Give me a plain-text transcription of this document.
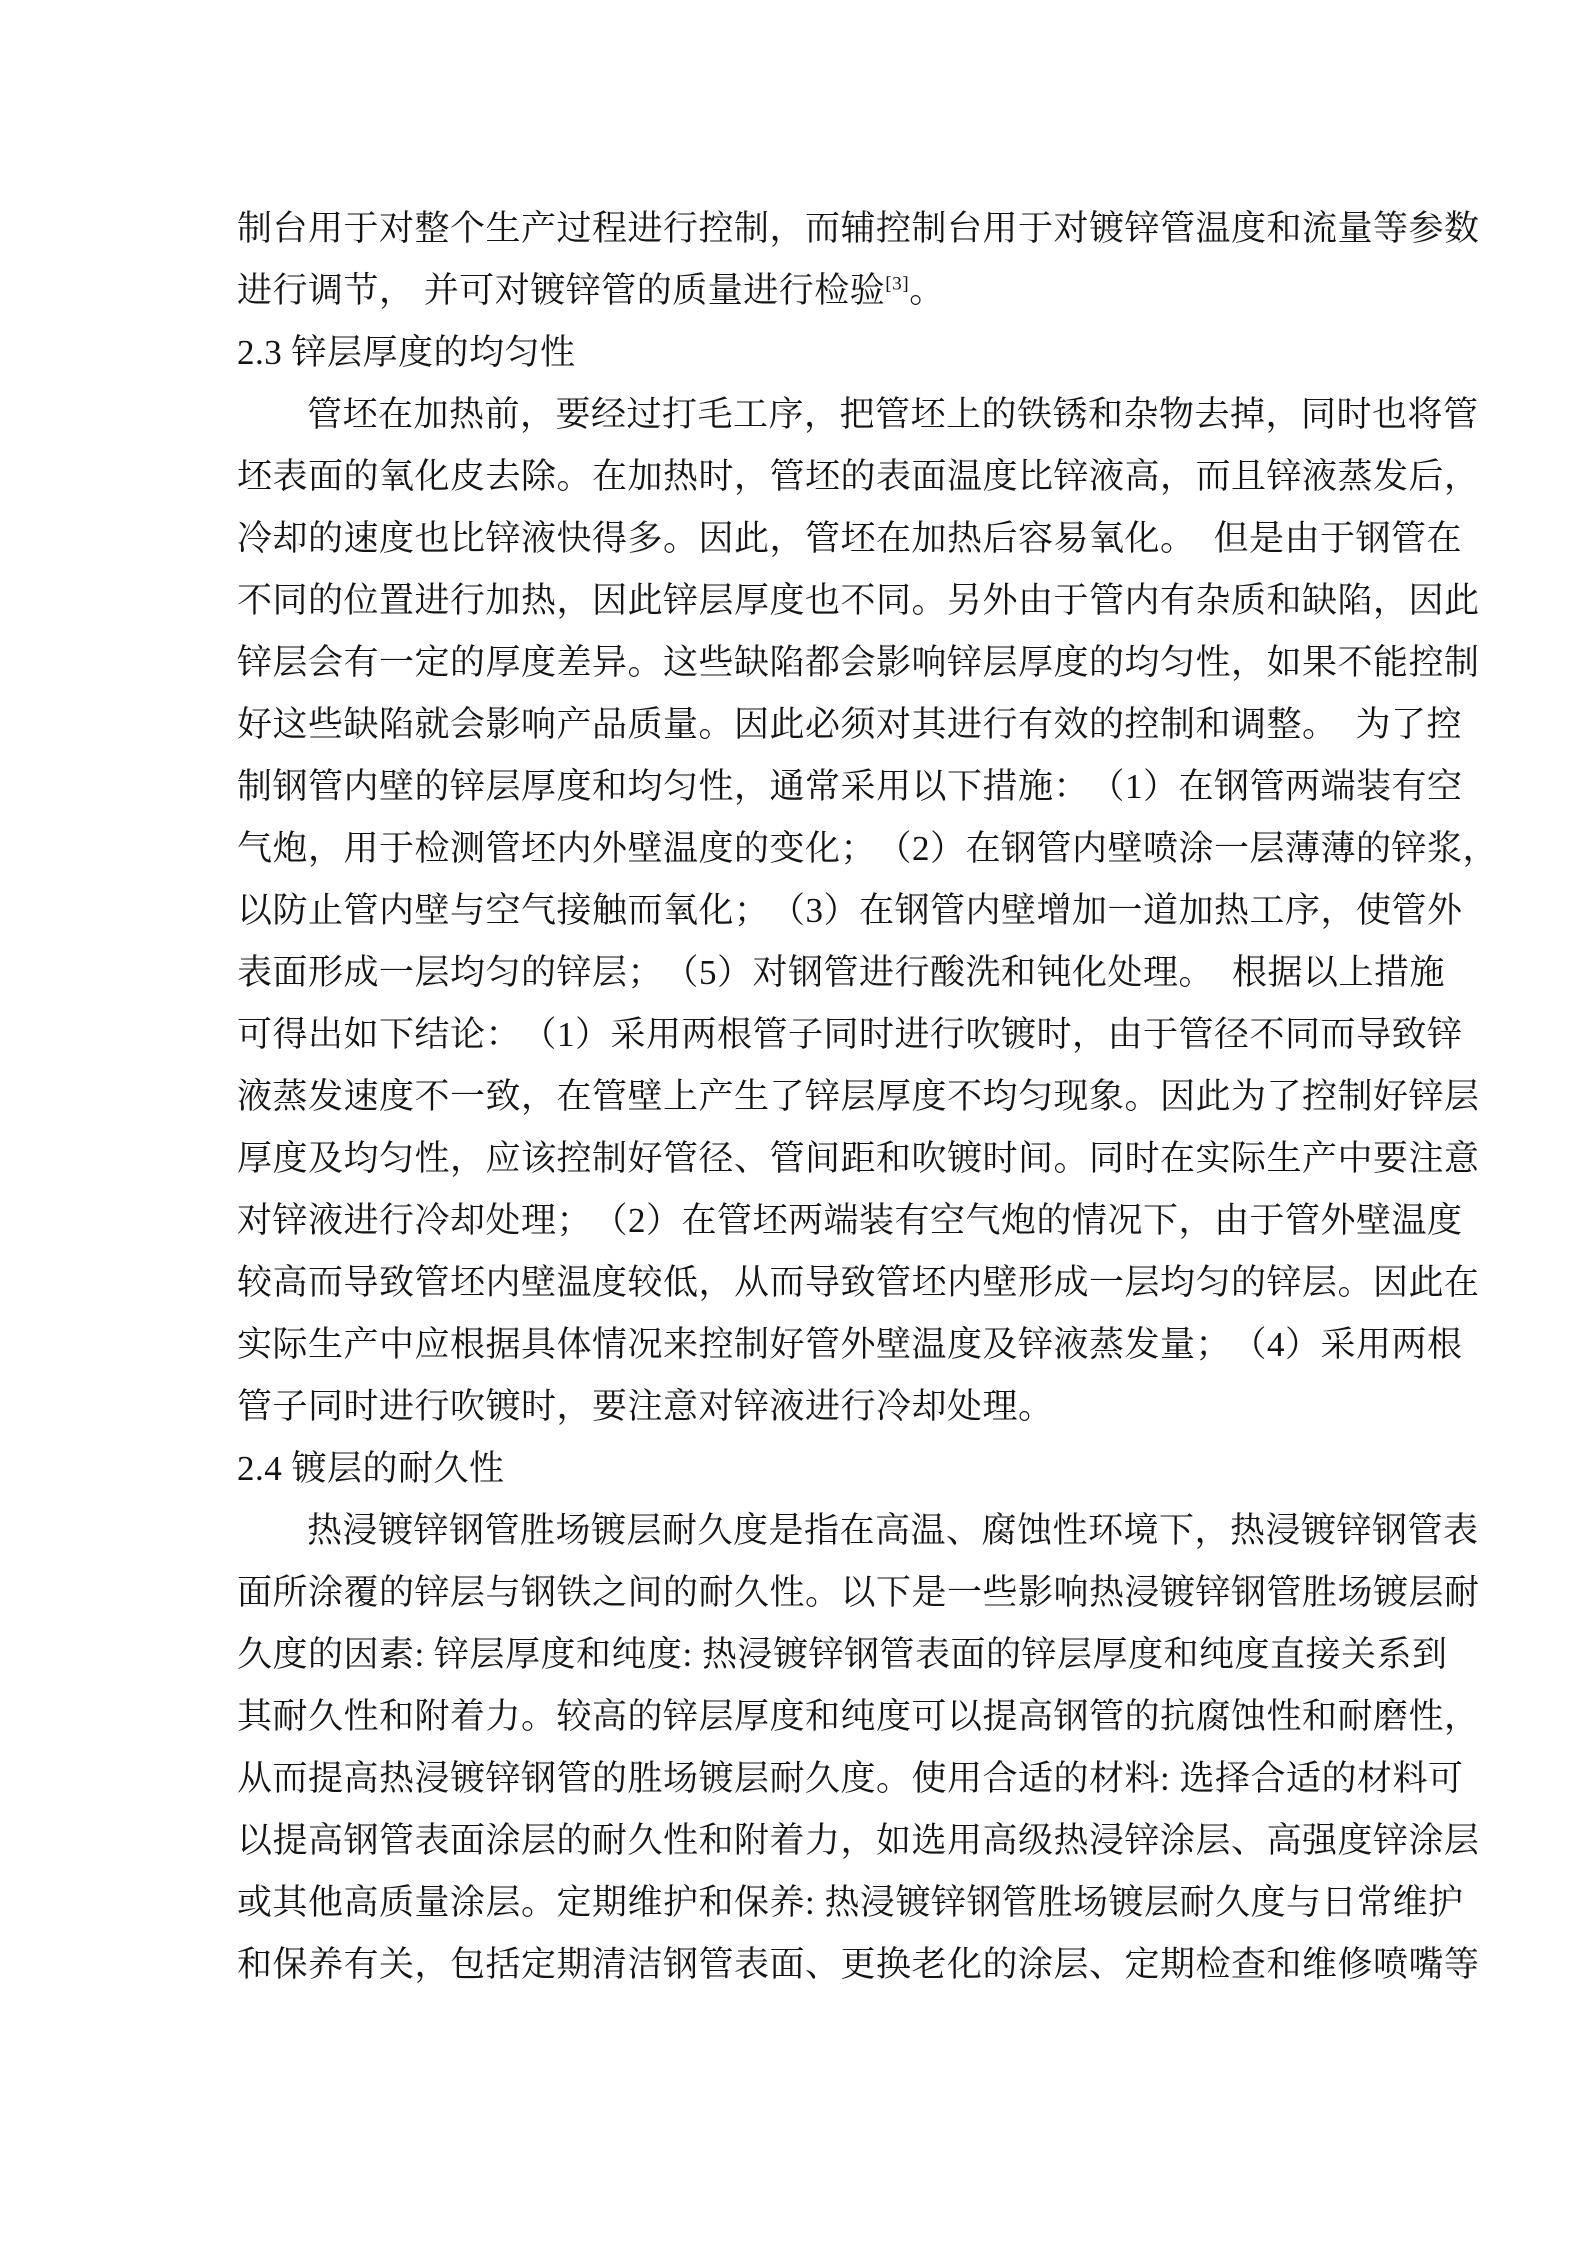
制台用于对整个生产过程进行控制，而辅控制台用于对镀锌管温度和流量等参数
进行调节， 并可对镀锌管的质量进行检验[3]。
2.3 锌层厚度的均匀性
管坯在加热前，要经过打毛工序，把管坯上的铁锈和杂物去掉，同时也将管
坯表面的氧化皮去除。在加热时，管坯的表面温度比锌液高，而且锌液蒸发后，
冷却的速度也比锌液快得多。因此，管坯在加热后容易氧化。　但是由于钢管在
不同的位置进行加热，因此锌层厚度也不同。另外由于管内有杂质和缺陷，因此
锌层会有一定的厚度差异。这些缺陷都会影响锌层厚度的均匀性，如果不能控制
好这些缺陷就会影响产品质量。因此必须对其进行有效的控制和调整。　为了控
制钢管内壁的锌层厚度和均匀性，通常采用以下措施：　（1）在钢管两端装有空
气炮，用于检测管坯内外壁温度的变化；　（2）在钢管内壁喷涂一层薄薄的锌浆，
以防止管内壁与空气接触而氧化；　（3）在钢管内壁增加一道加热工序，使管外
表面形成一层均匀的锌层；　（5）对钢管进行酸洗和钝化处理。　根据以上措施
可得出如下结论：　（1）采用两根管子同时进行吹镀时，由于管径不同而导致锌
液蒸发速度不一致，在管壁上产生了锌层厚度不均匀现象。因此为了控制好锌层
厚度及均匀性，应该控制好管径、管间距和吹镀时间。同时在实际生产中要注意
对锌液进行冷却处理；　（2）在管坯两端装有空气炮的情况下，由于管外壁温度
较高而导致管坯内壁温度较低，从而导致管坯内壁形成一层均匀的锌层。因此在
实际生产中应根据具体情况来控制好管外壁温度及锌液蒸发量；　（4）采用两根
管子同时进行吹镀时，要注意对锌液进行冷却处理。
2.4 镀层的耐久性
热浸镀锌钢管胜场镀层耐久度是指在高温、腐蚀性环境下，热浸镀锌钢管表
面所涂覆的锌层与钢铁之间的耐久性。以下是一些影响热浸镀锌钢管胜场镀层耐
久度的因素: 锌层厚度和纯度: 热浸镀锌钢管表面的锌层厚度和纯度直接关系到
其耐久性和附着力。较高的锌层厚度和纯度可以提高钢管的抗腐蚀性和耐磨性，
从而提高热浸镀锌钢管的胜场镀层耐久度。使用合适的材料: 选择合适的材料可
以提高钢管表面涂层的耐久性和附着力，如选用高级热浸锌涂层、高强度锌涂层
或其他高质量涂层。定期维护和保养: 热浸镀锌钢管胜场镀层耐久度与日常维护
和保养有关，包括定期清洁钢管表面、更换老化的涂层、定期检查和维修喷嘴等
